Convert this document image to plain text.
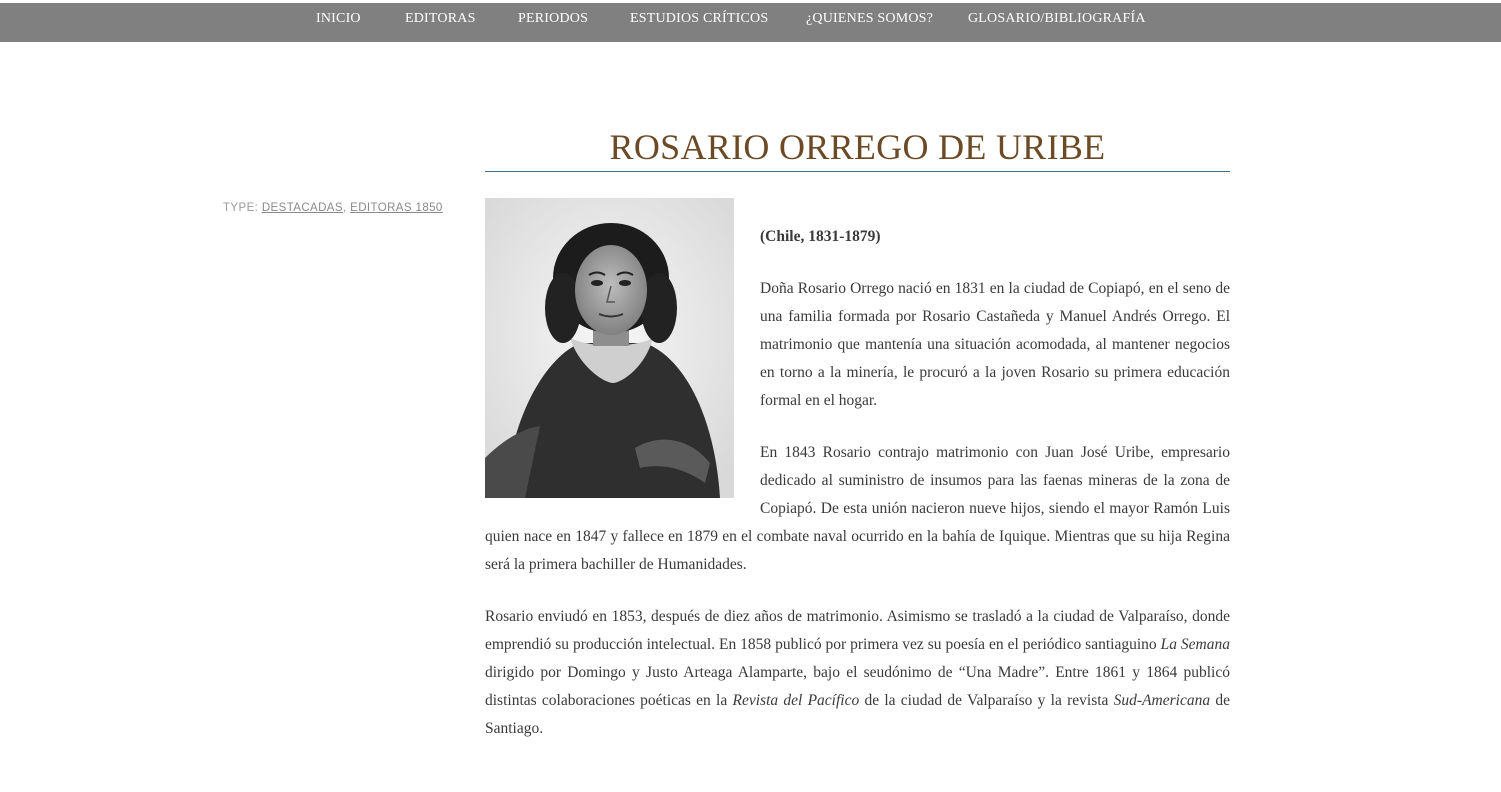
INICIO	EDITORAS	PERIODOS	ESTUDIOS CRÍTICOS	¿QUIENES SOMOS? GLOSARIO/BIBLIOGRAFÍA
ROSARIO ORREGO DE URIBE
TYPE: DESTACADAS, EDITORAS 1850

(Chile, 1831-1879)

Doña Rosario Orrego nació en 1831 en la ciudad de Copiapó, en el seno de una familia formada por Rosario Castañeda y Manuel Andrés Orrego. El matrimonio que mantenía una situación acomodada, al mantener negocios en torno a la minería, le procuró a la joven Rosario su primera educación formal en el hogar.

En 1843 Rosario contrajo matrimonio con Juan José Uribe, empresario dedicado al suministro de insumos para las faenas mineras de la zona de Copiapó. De esta unión nacieron nueve hijos, siendo el mayor Ramón Luis quien nace en 1847 y fallece en 1879 en el combate naval ocurrido en la bahía de Iquique. Mientras que su hija Regina será la primera bachiller de Humanidades.

Rosario enviudó en 1853, después de diez años de matrimonio. Asimismo se trasladó a la ciudad de Valparaíso, donde emprendió su producción intelectual. En 1858 publicó por primera vez su poesía en el periódico santiaguino La Semana dirigido por Domingo y Justo Arteaga Alamparte, bajo el seudónimo de “Una Madre”. Entre 1861 y 1864 publicó distintas colaboraciones poéticas en la Revista del Pacífico de la ciudad de Valparaíso y la revista Sud-Americana de Santiago.
